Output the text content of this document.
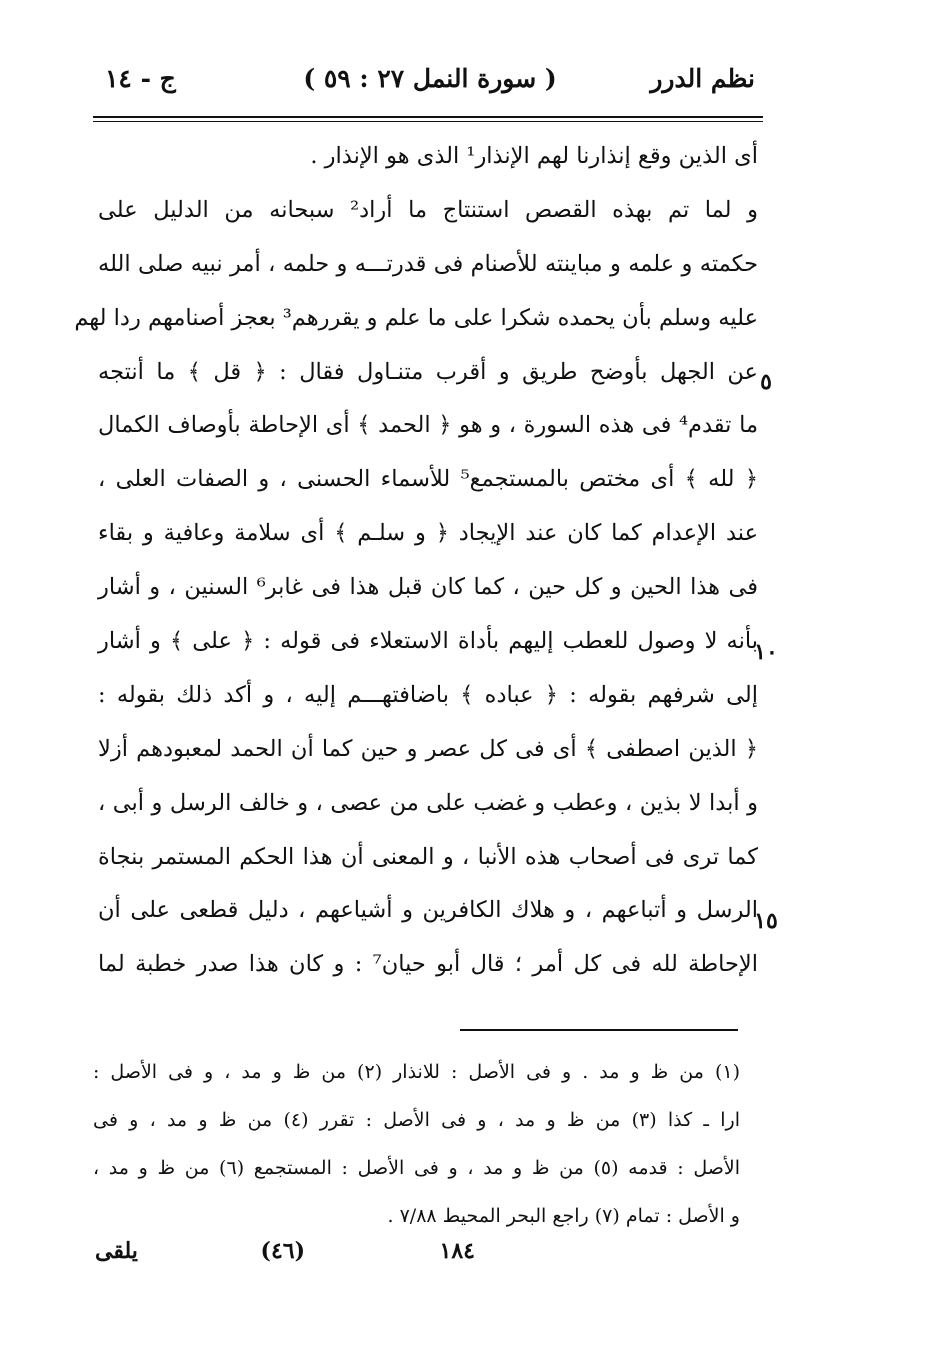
نظم الدرر
( سورة النمل ٢٧ : ٥٩ )
ج - ١٤
أى الذين وقع إنذارنا لهم الإنذار¹ الذى هو الإنذار .
و لما تم بهذه القصص استنتاج ما أراد² سبحانه من الدليل على
حكمته و علمه و مباينته للأصنام فى قدرتـــه و حلمه ، أمر نبيه صلى الله
عليه وسلم بأن يحمده شكرا على ما علم و يقررهم³ بعجز أصنامهم ردا لهم
عن الجهل بأوضح طريق و أقرب متنـاول فقال : ﴿ قل ﴾ ما أنتجه
ما تقدم⁴ فى هذه السورة ، و هو ﴿ الحمد ﴾ أى الإحاطة بأوصاف الكمال
﴿ لله ﴾ أى مختص بالمستجمع⁵ للأسماء الحسنى ، و الصفات العلى ،
عند الإعدام كما كان عند الإيجاد ﴿ و سلـم ﴾ أى سلامة وعافية و بقاء
فى هذا الحين و كل حين ، كما كان قبل هذا فى غابر⁶ السنين ، و أشار
بأنه لا وصول للعطب إليهم بأداة الاستعلاء فى قوله : ﴿ على ﴾ و أشار
إلى شرفهم بقوله : ﴿ عباده ﴾ باضافتهـــم إليه ، و أكد ذلك بقوله :
﴿ الذين اصطفى ﴾ أى فى كل عصر و حين كما أن الحمد لمعبودهم أزلا
و أبدا لا بذين ، وعطب و غضب على من عصى ، و خالف الرسل و أبى ،
كما ترى فى أصحاب هذه الأنبا ، و المعنى أن هذا الحكم المستمر بنجاة
الرسل و أتباعهم ، و هلاك الكافرين و أشياعهم ، دليل قطعى على أن
الإحاطة لله فى كل أمر ؛ قال أبو حيان⁷ : و كان هذا صدر خطبة لما
٥
١٠
١٥
(١) من ظ و مد . و فى الأصل : للانذار (٢) من ظ و مد ، و فى الأصل :
ارا ـ كذا (٣) من ظ و مد ، و فى الأصل : تقرر (٤) من ظ و مد ، و فى
الأصل : قدمه (٥) من ظ و مد ، و فى الأصل : المستجمع (٦) من ظ و مد ،
و الأصل : تمام (٧) راجع البحر المحيط ٧/٨٨ .
١٨٤
(٤٦)
يلقى
